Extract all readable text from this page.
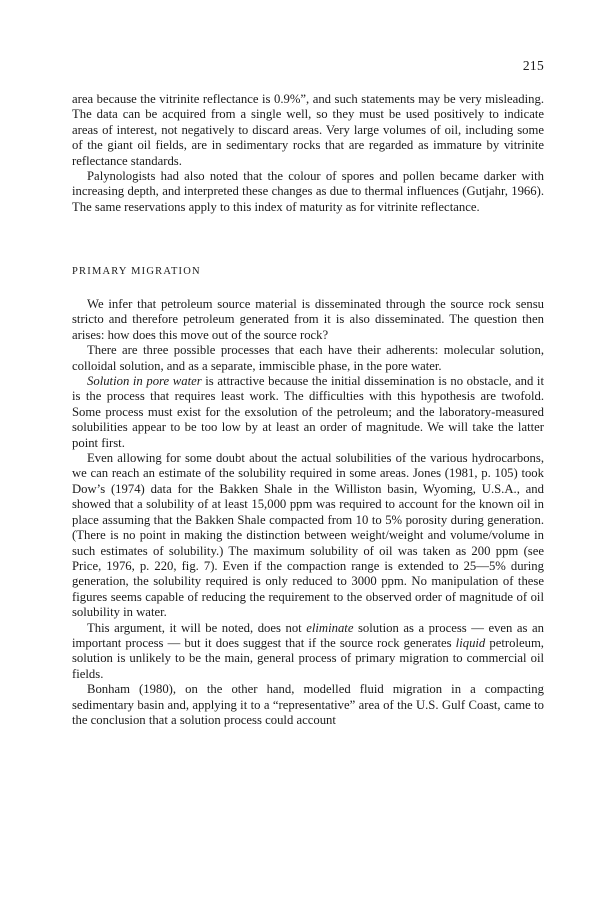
215

area because the vitrinite reflectance is 0.9%”, and such statements may be very misleading. The data can be acquired from a single well, so they must be used positively to indicate areas of interest, not negatively to discard areas. Very large volumes of oil, including some of the giant oil fields, are in sedimentary rocks that are regarded as immature by vitrinite reflectance standards.

Palynologists had also noted that the colour of spores and pollen became darker with increasing depth, and interpreted these changes as due to thermal influences (Gutjahr, 1966). The same reservations apply to this index of maturity as for vitrinite reflectance.

PRIMARY MIGRATION

We infer that petroleum source material is disseminated through the source rock sensu stricto and therefore petroleum generated from it is also disseminated. The question then arises: how does this move out of the source rock?

There are three possible processes that each have their adherents: molecular solution, colloidal solution, and as a separate, immiscible phase, in the pore water.

Solution in pore water is attractive because the initial dissemination is no obstacle, and it is the process that requires least work. The difficulties with this hypothesis are twofold. Some process must exist for the exsolution of the petroleum; and the laboratory-measured solubilities appear to be too low by at least an order of magnitude. We will take the latter point first.

Even allowing for some doubt about the actual solubilities of the various hydrocarbons, we can reach an estimate of the solubility required in some areas. Jones (1981, p. 105) took Dow’s (1974) data for the Bakken Shale in the Williston basin, Wyoming, U.S.A., and showed that a solubility of at least 15,000 ppm was required to account for the known oil in place assuming that the Bakken Shale compacted from 10 to 5% porosity during generation. (There is no point in making the distinction between weight/weight and volume/volume in such estimates of solubility.) The maximum solubility of oil was taken as 200 ppm (see Price, 1976, p. 220, fig. 7). Even if the compaction range is extended to 25—5% during generation, the solubility required is only reduced to 3000 ppm. No manipulation of these figures seems capable of reducing the requirement to the observed order of magnitude of oil solubility in water.

This argument, it will be noted, does not eliminate solution as a process — even as an important process — but it does suggest that if the source rock generates liquid petroleum, solution is unlikely to be the main, general process of primary migration to commercial oil fields.

Bonham (1980), on the other hand, modelled fluid migration in a compacting sedimentary basin and, applying it to a “representative” area of the U.S. Gulf Coast, came to the conclusion that a solution process could account
